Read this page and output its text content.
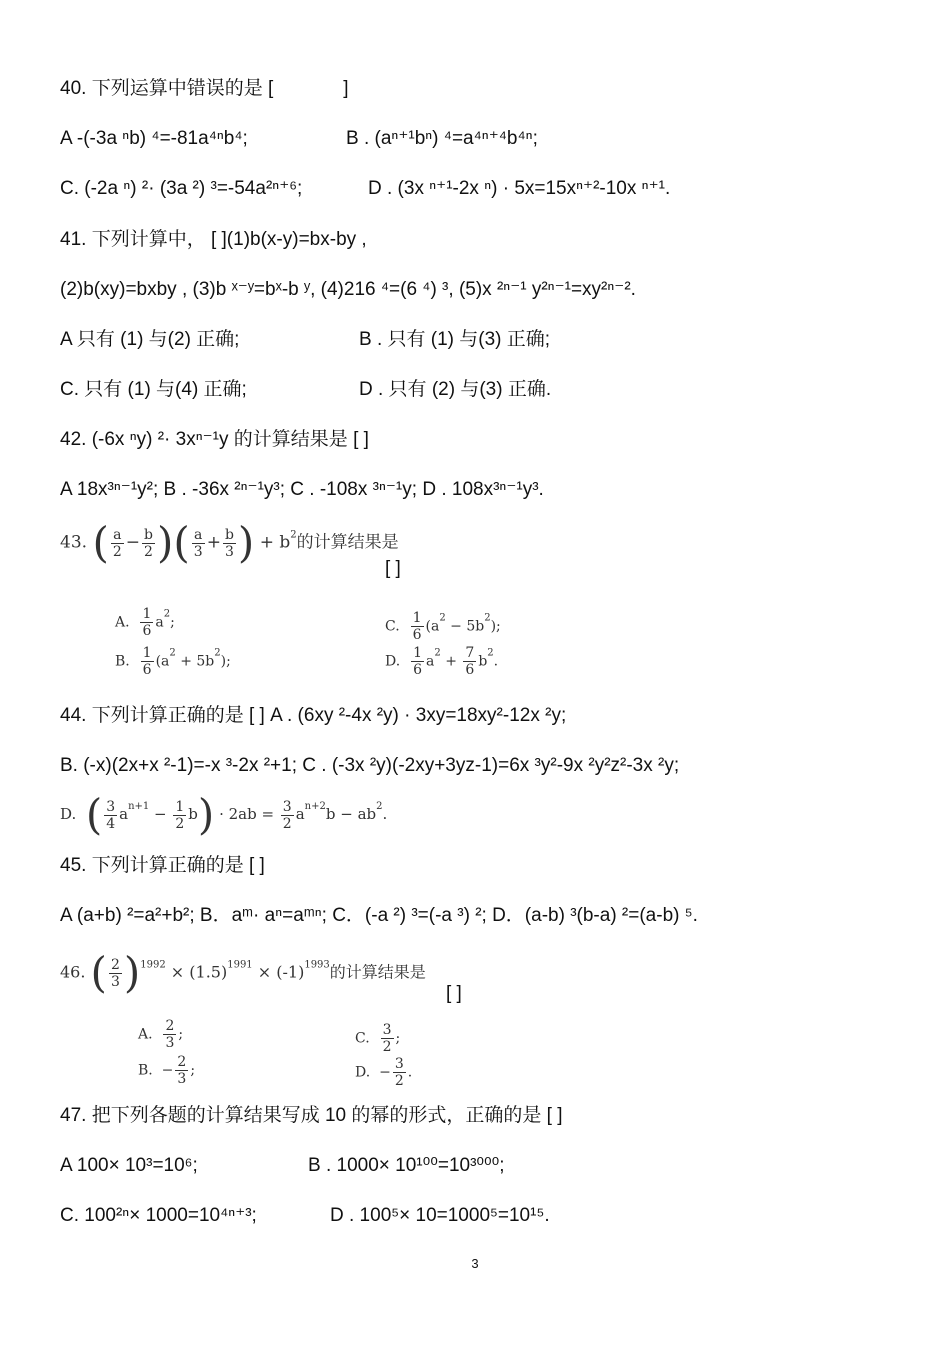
40. 下列运算中错误的是 [	]
A -(-3a ⁿb) ⁴=-81a⁴ⁿb⁴;	B . (aⁿ⁺¹bⁿ) ⁴=a⁴ⁿ⁺⁴b⁴ⁿ;
C. (-2a ⁿ) ²· (3a ²) ³=-54a²ⁿ⁺⁶;	D . (3x ⁿ⁺¹-2x ⁿ) · 5x=15xⁿ⁺²-10x ⁿ⁺¹.
41. 下列计算中， [ ](1)b(x-y)=bx-by ,
(2)b(xy)=bxby , (3)b ˣ⁻ʸ=bˣ-b ʸ, (4)216 ⁴=(6 ⁴) ³, (5)x ²ⁿ⁻¹ y²ⁿ⁻¹=xy²ⁿ⁻².
A 只有 (1) 与(2) 正确;	B . 只有 (1) 与(3) 正确;
C. 只有 (1) 与(4) 正确;	D . 只有 (2) 与(3) 正确.
42. (-6x ⁿy) ²· 3xⁿ⁻¹y 的计算结果是 [ ]
A 18x³ⁿ⁻¹y²; B . -36x ²ⁿ⁻¹y³; C . -108x ³ⁿ⁻¹y; D . 108x³ⁿ⁻¹y³.
43. ( $\frac{a}{2} - \frac{b}{2}$ )( $\frac{a}{3} + \frac{b}{3}$ ) + $b^2$的计算结果是
[ ]
A. $\frac{1}{6} a^2$;	C. $\frac{1}{6} (a^2 - 5b^2)$;
B. $\frac{1}{6} (a^2 + 5b^2)$;	D. $\frac{1}{6} a^2 + \frac{7}{6} b^2$.
44. 下列计算正确的是 [ ] A . (6xy ²-4x ²y) · 3xy=18xy²-12x ²y;
B. (-x)(2x+x ²-1)=-x ³-2x ²+1; C . (-3x ²y)(-2xy+3yz-1)=6x ³y²-9x ²y²z²-3x ²y;
D. ( $\frac{3}{4} a^{n+1} - \frac{1}{2} b) \cdot 2ab = \frac{3}{2} a^{n+2}b - ab^2$.
45. 下列计算正确的是 [ ]
A (a+b) ²=a²+b²; B．aᵐ· aⁿ=aᵐⁿ; C．(-a ²) ³=(-a ³) ²; D．(a-b) ³(b-a) ²=(a-b) ⁵.
46. ( $\frac{2}{3} )^{1992} \times (1.5)^{1991} \times (-1)^{1993}$的计算结果是
[ ]
A. $\frac{2}{3}$ ;	C. $\frac{3}{2}$ ;
B.  − $\frac{2}{3}$ ;	D.  − $\frac{3}{2}$ .
47. 把下列各题的计算结果写成 10 的幂的形式，正确的是 [ ]
A 100× 10³=10⁶;	B . 1000× 10¹⁰⁰=10³⁰⁰⁰;
C. 100²ⁿ× 1000=10⁴ⁿ⁺³;	D . 100⁵× 10=1000⁵=10¹⁵.
3
